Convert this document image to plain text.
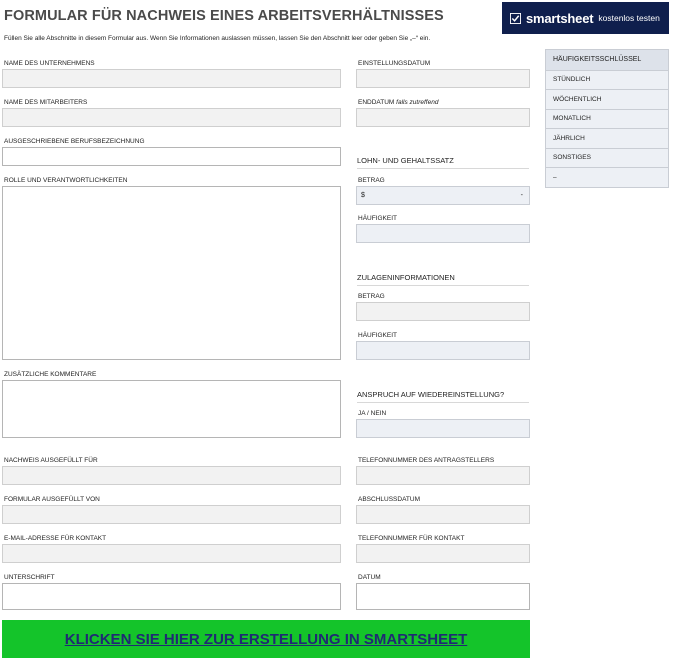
FORMULAR FÜR NACHWEIS EINES ARBEITSVERHÄLTNISSES
Füllen Sie alle Abschnitte in diesem Formular aus. Wenn Sie Informationen auslassen müssen, lassen Sie den Abschnitt leer oder geben Sie „–“ ein.
smartsheet kostenlos testen
NAME DES UNTERNEHMENS
NAME DES MITARBEITERS
AUSGESCHRIEBENE BERUFSBEZEICHNUNG
ROLLE UND VERANTWORTLICHKEITEN
ZUSÄTZLICHE KOMMENTARE
NACHWEIS AUSGEFÜLLT FÜR
FORMULAR AUSGEFÜLLT VON
E-MAIL-ADRESSE FÜR KONTAKT
UNTERSCHRIFT
EINSTELLUNGSDATUM
ENDDATUM falls zutreffend
LOHN- UND GEHALTSSATZ
BETRAG
$	-
HÄUFIGKEIT
ZULAGENINFORMATIONEN
BETRAG
HÄUFIGKEIT
ANSPRUCH AUF WIEDEREINSTELLUNG?
JA / NEIN
TELEFONNUMMER DES ANTRAGSTELLERS
ABSCHLUSSDATUM
TELEFONNUMMER FÜR KONTAKT
DATUM
HÄUFIGKEITSSCHLÜSSEL
STÜNDLICH
WÖCHENTLICH
MONATLICH
JÄHRLICH
SONSTIGES
–
KLICKEN SIE HIER ZUR ERSTELLUNG IN SMARTSHEET
